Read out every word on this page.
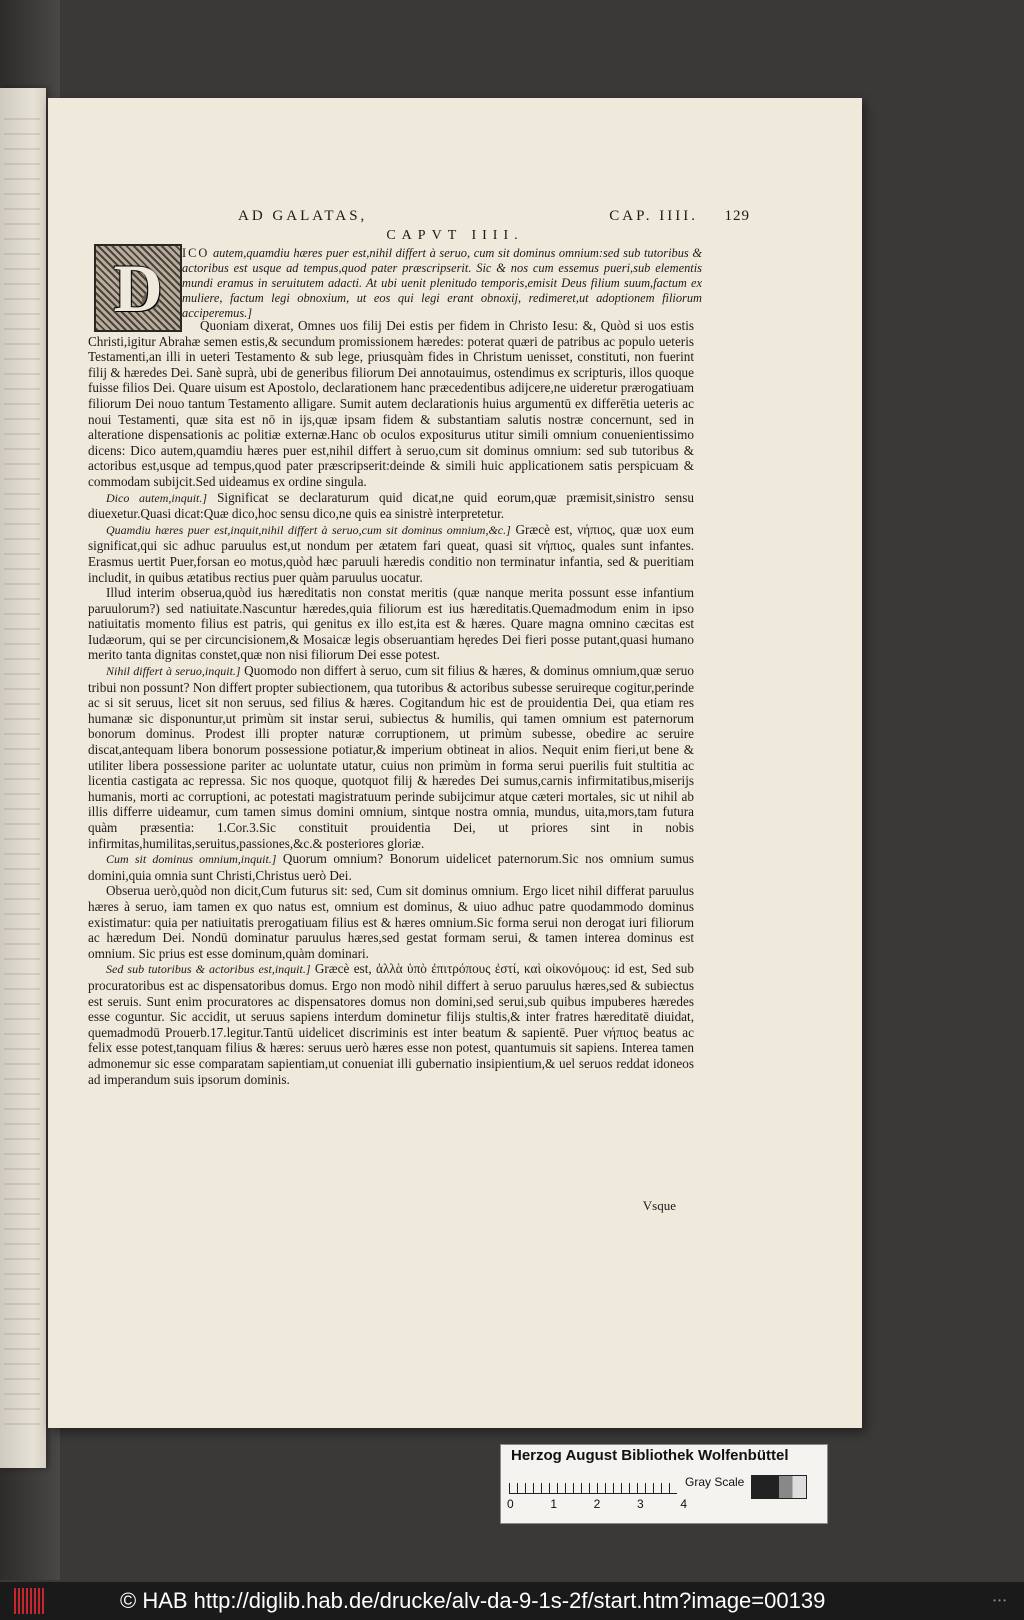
AD GALATAS,	CAP. IIII. 129
CAPVT IIII.
D ICO autem,quamdiu hæres puer est,nihil differt à seruo, cum sit dominus omnium:sed sub tutoribus & actoribus est usque ad tempus,quod pater præscripserit. Sic & nos cum essemus pueri,sub elementis mundi eramus in seruitutem adacti. At ubi uenit plenitudo temporis,emisit Deus filium suum,factum ex muliere, factum legi obnoxium, ut eos qui legi erant obnoxij, redimeret,ut adoptionem filiorum acciperemus.]

Quoniam dixerat, Omnes uos filij Dei estis per fidem in Christo Iesu: &, Quòd si uos estis Christi,igitur Abrahæ semen estis,& secundum promissionem hæredes: poterat quæri de patribus ac populo ueteris Testamenti,an illi in ueteri Testamento & sub lege, priusquàm fides in Christum uenisset, constituti, non fuerint filij & hæredes Dei. Sanè suprà, ubi de generibus filiorum Dei annotauimus, ostendimus ex scripturis, illos quoque fuisse filios Dei. Quare uisum est Apostolo, declarationem hanc præcedentibus adijcere,ne uideretur prærogatiuam filiorum Dei nouo tantum Testamento alligare. Sumit autem declarationis huius argumentū ex differētia ueteris ac noui Testamenti, quæ sita est nō in ijs,quæ ipsam fidem & substantiam salutis nostræ concernunt, sed in alteratione dispensationis ac politiæ externæ.Hanc ob oculos expositurus utitur simili omnium conuenientissimo dicens: Dico autem,quamdiu hæres puer est,nihil differt à seruo,cum sit dominus omnium: sed sub tutoribus & actoribus est,usque ad tempus,quod pater præscripserit:deinde & simili huic applicationem satis perspicuam & commodam subijcit.Sed uideamus ex ordine singula.

Dico autem,inquit.] Significat se declaraturum quid dicat,ne quid eorum,quæ præmisit,sinistro sensu diuexetur.Quasi dicat:Quæ dico,hoc sensu dico,ne quis ea sinistrè interpretetur.

Quamdiu hæres puer est,inquit,nihil differt à seruo,cum sit dominus omnium,&c.] Græcè est, νήπιος, quæ uox eum significat,qui sic adhuc paruulus est,ut nondum per ætatem fari queat, quasi sit νήπιος, quales sunt infantes. Erasmus uertit Puer,forsan eo motus,quòd hæc paruuli hæredis conditio non terminatur infantia, sed & pueritiam includit, in quibus ætatibus rectius puer quàm paruulus uocatur.

Illud interim obserua,quòd ius hæreditatis non constat meritis (quæ nanque merita possunt esse infantium paruulorum?) sed natiuitate.Nascuntur hæredes,quia filiorum est ius hæreditatis.Quemadmodum enim in ipso natiuitatis momento filius est patris, qui genitus ex illo est,ita est & hæres. Quare magna omnino cæcitas est Iudæorum, qui se per circuncisionem,& Mosaicæ legis obseruantiam hęredes Dei fieri posse putant,quasi humano merito tanta dignitas constet,quæ non nisi filiorum Dei esse potest.

Nihil differt à seruo,inquit.] Quomodo non differt à seruo, cum sit filius & hæres, & dominus omnium,quæ seruo tribui non possunt? Non differt propter subiectionem, qua tutoribus & actoribus subesse seruireque cogitur,perinde ac si sit seruus, licet sit non seruus, sed filius & hæres. Cogitandum hic est de prouidentia Dei, qua etiam res humanæ sic disponuntur,ut primùm sit instar serui, subiectus & humilis, qui tamen omnium est paternorum bonorum dominus. Prodest illi propter naturæ corruptionem, ut primùm subesse, obedire ac seruire discat,antequam libera bonorum possessione potiatur,& imperium obtineat in alios. Nequit enim fieri,ut bene & utiliter libera possessione pariter ac uoluntate utatur, cuius non primùm in forma serui puerilis fuit stultitia ac licentia castigata ac repressa. Sic nos quoque, quotquot filij & hæredes Dei sumus,carnis infirmitatibus,miserijs humanis, morti ac corruptioni, ac potestati magistratuum perinde subijcimur atque cæteri mortales, sic ut nihil ab illis differre uideamur, cum tamen simus domini omnium, sintque nostra omnia, mundus, uita,mors,tam futura quàm præsentia: 1.Cor.3.Sic constituit prouidentia Dei, ut priores sint in nobis infirmitas,humilitas,seruitus,passiones,&c.& posteriores gloriæ.

Cum sit dominus omnium,inquit.] Quorum omnium? Bonorum uidelicet paternorum.Sic nos omnium sumus domini,quia omnia sunt Christi,Christus uerò Dei.

Obserua uerò,quòd non dicit,Cum futurus sit: sed, Cum sit dominus omnium. Ergo licet nihil differat paruulus hæres à seruo, iam tamen ex quo natus est, omnium est dominus, & uiuo adhuc patre quodammodo dominus existimatur: quia per natiuitatis prerogatiuam filius est & hæres omnium.Sic forma serui non derogat iuri filiorum ac hæredum Dei. Nondū dominatur paruulus hæres,sed gestat formam serui, & tamen interea dominus est omnium. Sic prius est esse dominum,quàm dominari.

Sed sub tutoribus & actoribus est,inquit.] Græcè est, ἀλλὰ ὑπὸ ἐπιτρόπους ἐστί, καὶ οἰκονόμους: id est, Sed sub procuratoribus est ac dispensatoribus domus. Ergo non modò nihil differt à seruo paruulus hæres,sed & subiectus est seruis. Sunt enim procuratores ac dispensatores domus non domini,sed serui,sub quibus impuberes hæredes esse coguntur. Sic accidit, ut seruus sapiens interdum dominetur filijs stultis,& inter fratres hæreditatē diuidat, quemadmodū Prouerb.17.legitur.Tantū uidelicet discriminis est inter beatum & sapientē. Puer νήπιος beatus ac felix esse potest,tanquam filius & hæres: seruus uerò hæres esse non potest, quantumuis sit sapiens. Interea tamen admonemur sic esse comparatam sapientiam,ut conueniat illi gubernatio insipientium,& uel seruos reddat idoneos ad imperandum suis ipsorum dominis.

Vsque
Herzog August Bibliothek Wolfenbüttel
0	1	2	3	4
Gray Scale
© HAB http://diglib.hab.de/drucke/alv-da-9-1s-2f/start.htm?image=00139	• • •
